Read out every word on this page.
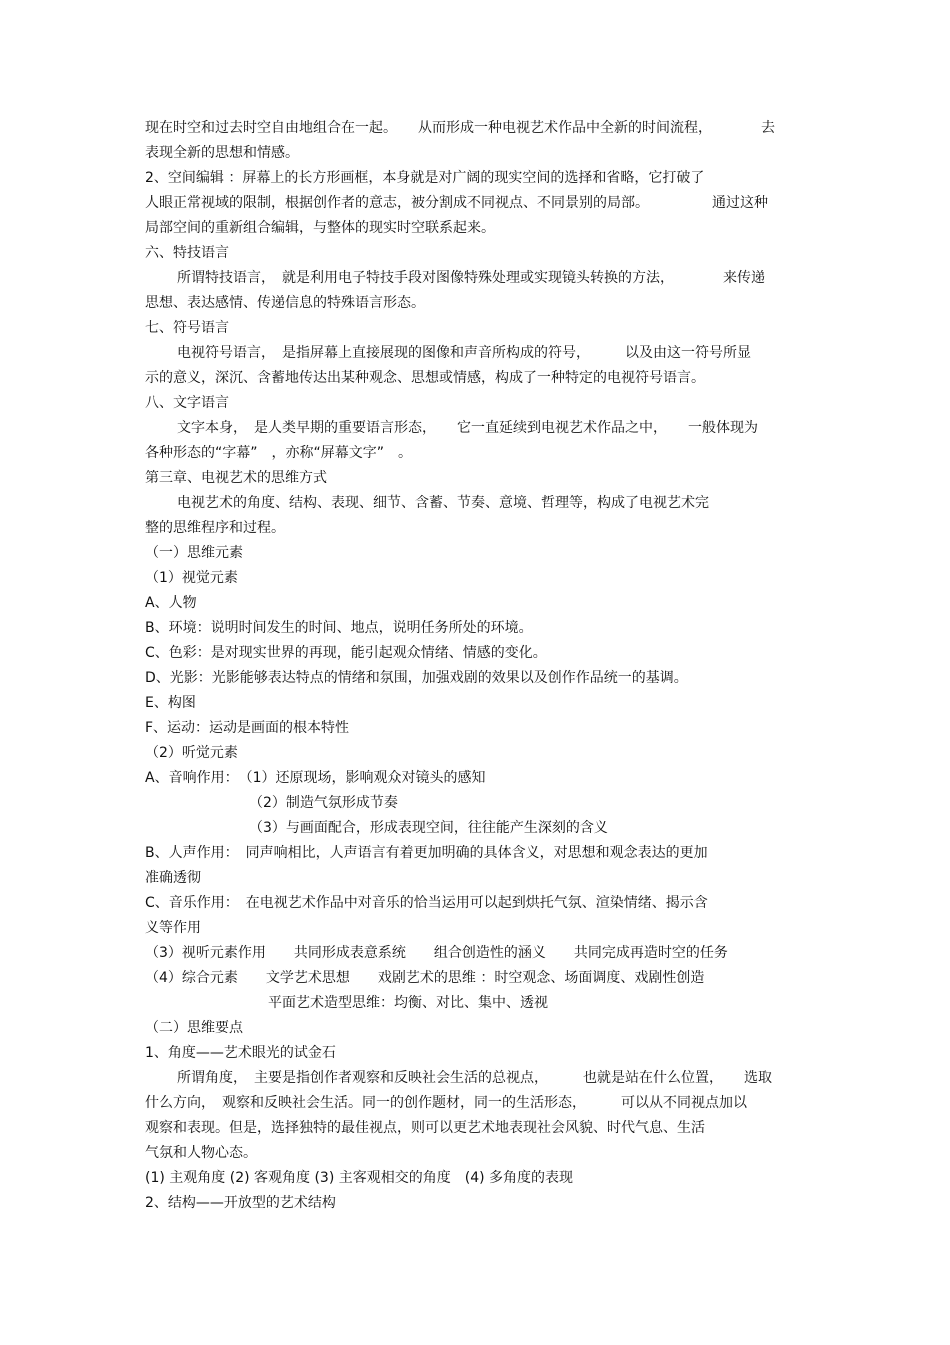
现在时空和过去时空自由地组合在一起。　　从而形成一种电视艺术作品中全新的时间流程，　　　　去
表现全新的思想和情感。
2、空间编辑 ：屏幕上的长方形画框，本身就是对广阔的现实空间的选择和省略，它打破了
人眼正常视域的限制，根据创作者的意志，被分割成不同视点、不同景别的局部。　　　　　通过这种
局部空间的重新组合编辑，与整体的现实时空联系起来。
六、特技语言
所谓特技语言，　就是利用电子特技手段对图像特殊处理或实现镜头转换的方法，　　　　来传递
思想、表达感情、传递信息的特殊语言形态。
七、符号语言
电视符号语言，　是指屏幕上直接展现的图像和声音所构成的符号，　　　以及由这一符号所显
示的意义，深沉、含蓄地传达出某种观念、思想或情感，构成了一种特定的电视符号语言。
八、文字语言
文字本身，　是人类早期的重要语言形态，　　它一直延续到电视艺术作品之中，　　一般体现为
各种形态的“字幕”　，亦称“屏幕文字”　。
第三章、电视艺术的思维方式
电视艺术的角度、结构、表现、细节、含蓄、节奏、意境、哲理等，构成了电视艺术完
整的思维程序和过程。
（一）思维元素
（1）视觉元素
A、人物
B、环境：说明时间发生的时间、地点，说明任务所处的环境。
C、色彩：是对现实世界的再现，能引起观众情绪、情感的变化。
D、光影：光影能够表达特点的情绪和氛围，加强戏剧的效果以及创作作品统一的基调。
E、构图
F、运动：运动是画面的根本特性
（2）听觉元素
A、音响作用：　（1）还原现场，影响观众对镜头的感知
（2）制造气氛形成节奏
（3）与画面配合，形成表现空间，往往能产生深刻的含义
B、人声作用：　同声响相比，人声语言有着更加明确的具体含义，对思想和观念表达的更加
准确透彻
C、音乐作用：　在电视艺术作品中对音乐的恰当运用可以起到烘托气氛、渲染情绪、揭示含
义等作用
（3）视听元素作用　　共同形成表意系统　　组合创造性的涵义　　共同完成再造时空的任务
（4）综合元素　　文学艺术思想　　戏剧艺术的思维 ：时空观念、场面调度、戏剧性创造
平面艺术造型思维：均衡、对比、集中、透视
（二）思维要点
1、角度——艺术眼光的试金石
所谓角度，　主要是指创作者观察和反映社会生活的总视点，　　　也就是站在什么位置，　　选取
什么方向，　观察和反映社会生活。同一的创作题材，同一的生活形态，　　　可以从不同视点加以
观察和表现。但是，选择独特的最佳视点，则可以更艺术地表现社会风貌、时代气息、生活
气氛和人物心态。
(1) 主观角度 (2) 客观角度 (3) 主客观相交的角度　(4) 多角度的表现
2、结构——开放型的艺术结构
